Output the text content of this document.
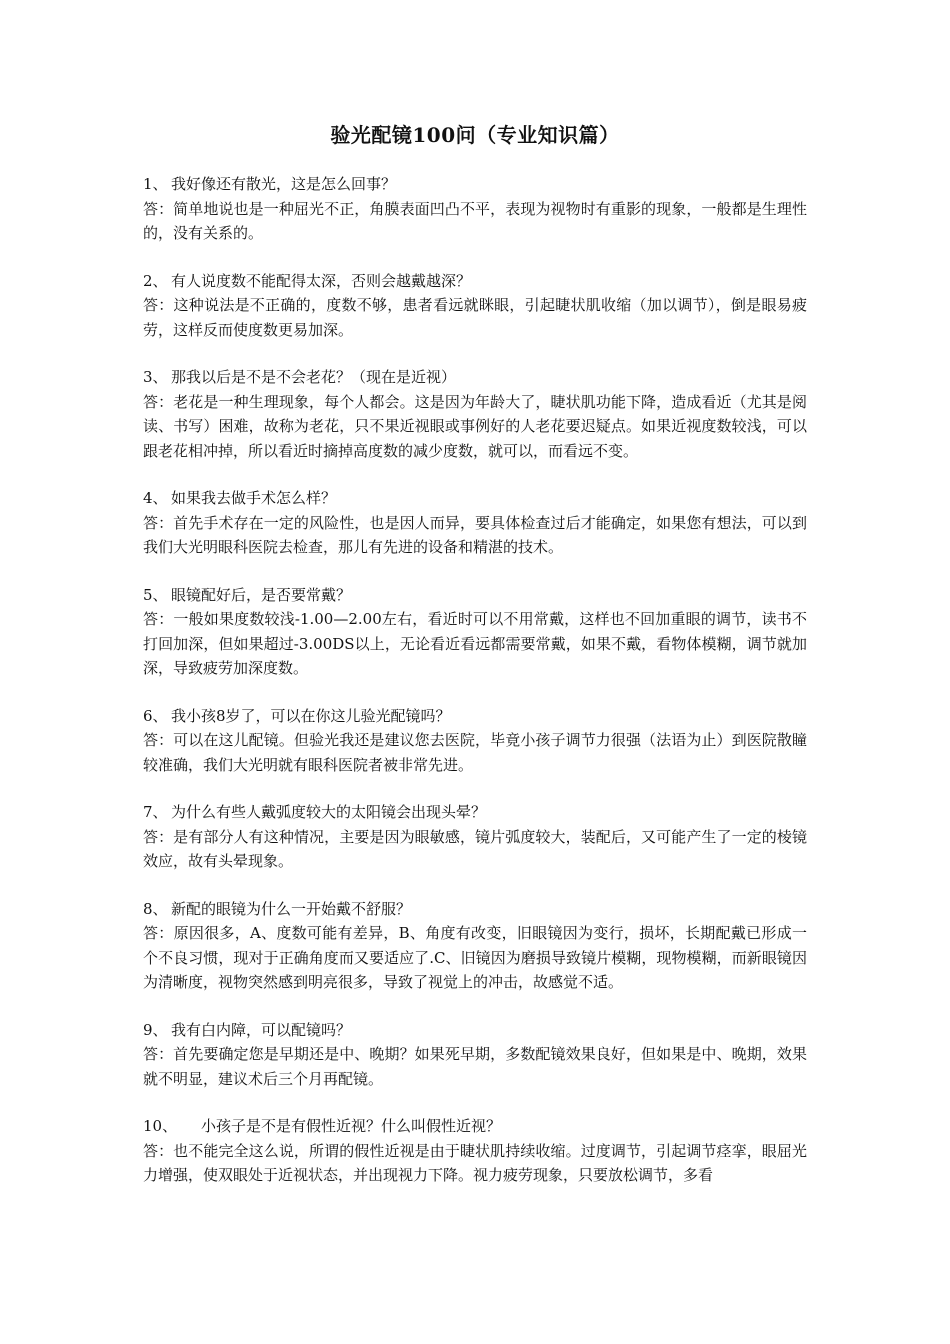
验光配镜100问（专业知识篇）

1、 我好像还有散光，这是怎么回事？

答：简单地说也是一种屈光不正，角膜表面凹凸不平，表现为视物时有重影的现象，一般都是生理性的，没有关系的。

2、 有人说度数不能配得太深，否则会越戴越深？

答：这种说法是不正确的，度数不够，患者看远就眯眼，引起睫状肌收缩（加以调节），倒是眼易疲劳，这样反而使度数更易加深。

3、 那我以后是不是不会老花？（现在是近视）

答：老花是一种生理现象，每个人都会。这是因为年龄大了，睫状肌功能下降，造成看近（尤其是阅读、书写）困难，故称为老花，只不果近视眼或事例好的人老花要迟疑点。如果近视度数较浅，可以跟老花相冲掉，所以看近时摘掉高度数的减少度数，就可以，而看远不变。

4、 如果我去做手术怎么样？

答：首先手术存在一定的风险性，也是因人而异，要具体检查过后才能确定，如果您有想法，可以到我们大光明眼科医院去检查，那儿有先进的设备和精湛的技术。

5、 眼镜配好后，是否要常戴？

答：一般如果度数较浅-1.00—2.00左右，看近时可以不用常戴，这样也不回加重眼的调节，读书不打回加深，但如果超过-3.00DS以上，无论看近看远都需要常戴，如果不戴，看物体模糊，调节就加深，导致疲劳加深度数。

6、 我小孩8岁了，可以在你这儿验光配镜吗？

答：可以在这儿配镜。但验光我还是建议您去医院，毕竟小孩子调节力很强（法语为止）到医院散瞳较准确，我们大光明就有眼科医院者被非常先进。

7、 为什么有些人戴弧度较大的太阳镜会出现头晕？

答：是有部分人有这种情况，主要是因为眼敏感，镜片弧度较大，装配后，又可能产生了一定的棱镜效应，故有头晕现象。

8、 新配的眼镜为什么一开始戴不舒服？

答：原因很多，A、度数可能有差异，B、角度有改变，旧眼镜因为变行，损坏，长期配戴已形成一个不良习惯，现对于正确角度而又要适应了.C、旧镜因为磨损导致镜片模糊，现物模糊，而新眼镜因为清晰度，视物突然感到明亮很多，导致了视觉上的冲击，故感觉不适。

9、 我有白内障，可以配镜吗？

答：首先要确定您是早期还是中、晚期？如果死早期，多数配镜效果良好，但如果是中、晚期，效果就不明显，建议术后三个月再配镜。

10、	小孩子是不是有假性近视？什么叫假性近视？

答：也不能完全这么说，所谓的假性近视是由于睫状肌持续收缩。过度调节，引起调节痉挛，眼屈光力增强，使双眼处于近视状态，并出现视力下降。视力疲劳现象，只要放松调节，多看
